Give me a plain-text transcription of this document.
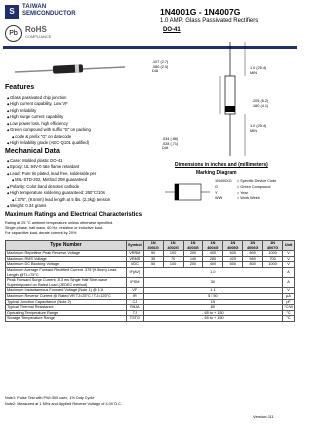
S	TAIWAN
SEMICONDUCTOR
Pb RoHS
COMPLIANCE
1N4001G - 1N4007G
1.0 AMP. Glass Passivated Rectifiers
DO-41
Features
◆ Glass passivated chip junction
◆ High current capability, Low VF
◆ High reliability
◆ High surge current capability
◆ Low power loss, high efficiency
◆ Green compound with suffix "G" on packing
◆ code & prefix "G" on datecode
◆ High reliability grade (AEC-Q101 qualified)
Mechanical Data
◆ Case: Molded plastic DO-41
◆ Epoxy: UL 94V-0 rate flame retardant
◆ Lead: Pure tin plated, lead free, solderable per
◆ MIL-STD-202, Method 208 guaranteed
◆ Polarity: Color band denotes cathode
◆ High temperature soldering guaranteed: 260°C/10s
◆ /.375", (9.5mm) lead length at 5 lbs. (2.3kg) tension
◆ Weight: 0.34 grams
.107 (2.7)
.080 (2.0)
DIA
1.0 (25.4)
MIN
.205 (5.2)
.160 (4.1)
1.0 (25.4)
MIN
.034 (.86)
.028 (.71)
DIA
Dimensions in inches and (millimeters)
Marking Diagram
1N400XG = Specific Device Code
G	= Green Compound
Y	= Year
WW	= Work Week
Maximum Ratings and Electrical Characteristics
Rating at 25 °C ambient temperature unless otherwise specified.
Single phase, half wave, 60 Hz, resistive or inductive load.
For capacitive load, derate current by 20%
Type Number	Symbol	1N 4001G	1N 4002G	1N 4003G	1N 4004G	1N 4005G	1N 4006G	1N 4007G	Unit
Maximum Repetitive Peak Reverse Voltage	VRRM	50	100	200	400	600	800	1000	V
Maximum RMS Voltage	VRMS	35	70	140	280	420	560	700	V
Maximum DC Blocking Voltage	VDC	50	100	200	400	600	800	1000	V
Maximum Average Forward Rectified Current .375"(9.5mm) Lead Length @TL=75°C	IF(AV)	1.0							A
Peak Forward Surge Current, 8.3 ms Single Half Sine-wave Superimposed on Rated Load (JEDEC method)	IFSM	30							A
Maximum Instantaneous Forward Voltage (Note 1) @ 1 A	VF	1.1							V
Maximum Reverse Current @ Rated VR TJ=25°C / TJ=125°C	IR	5 / 50							µA
Typical Junction Capacitance (Note 2)	CJ	15							pF
Typical Thermal Resistance	RθJA	80							°C/W
Operating Temperature Range	TJ	- 65 to + 150							°C
Storage Temperature Range	TSTG	- 65 to + 150							°C
Note1: Pulse Test with PW=300 usec, 1% Duty Cycle
Note2: Measured at 1 MHz and Applied Reverse Voltage of 4.0V D.C.
Version:J11
